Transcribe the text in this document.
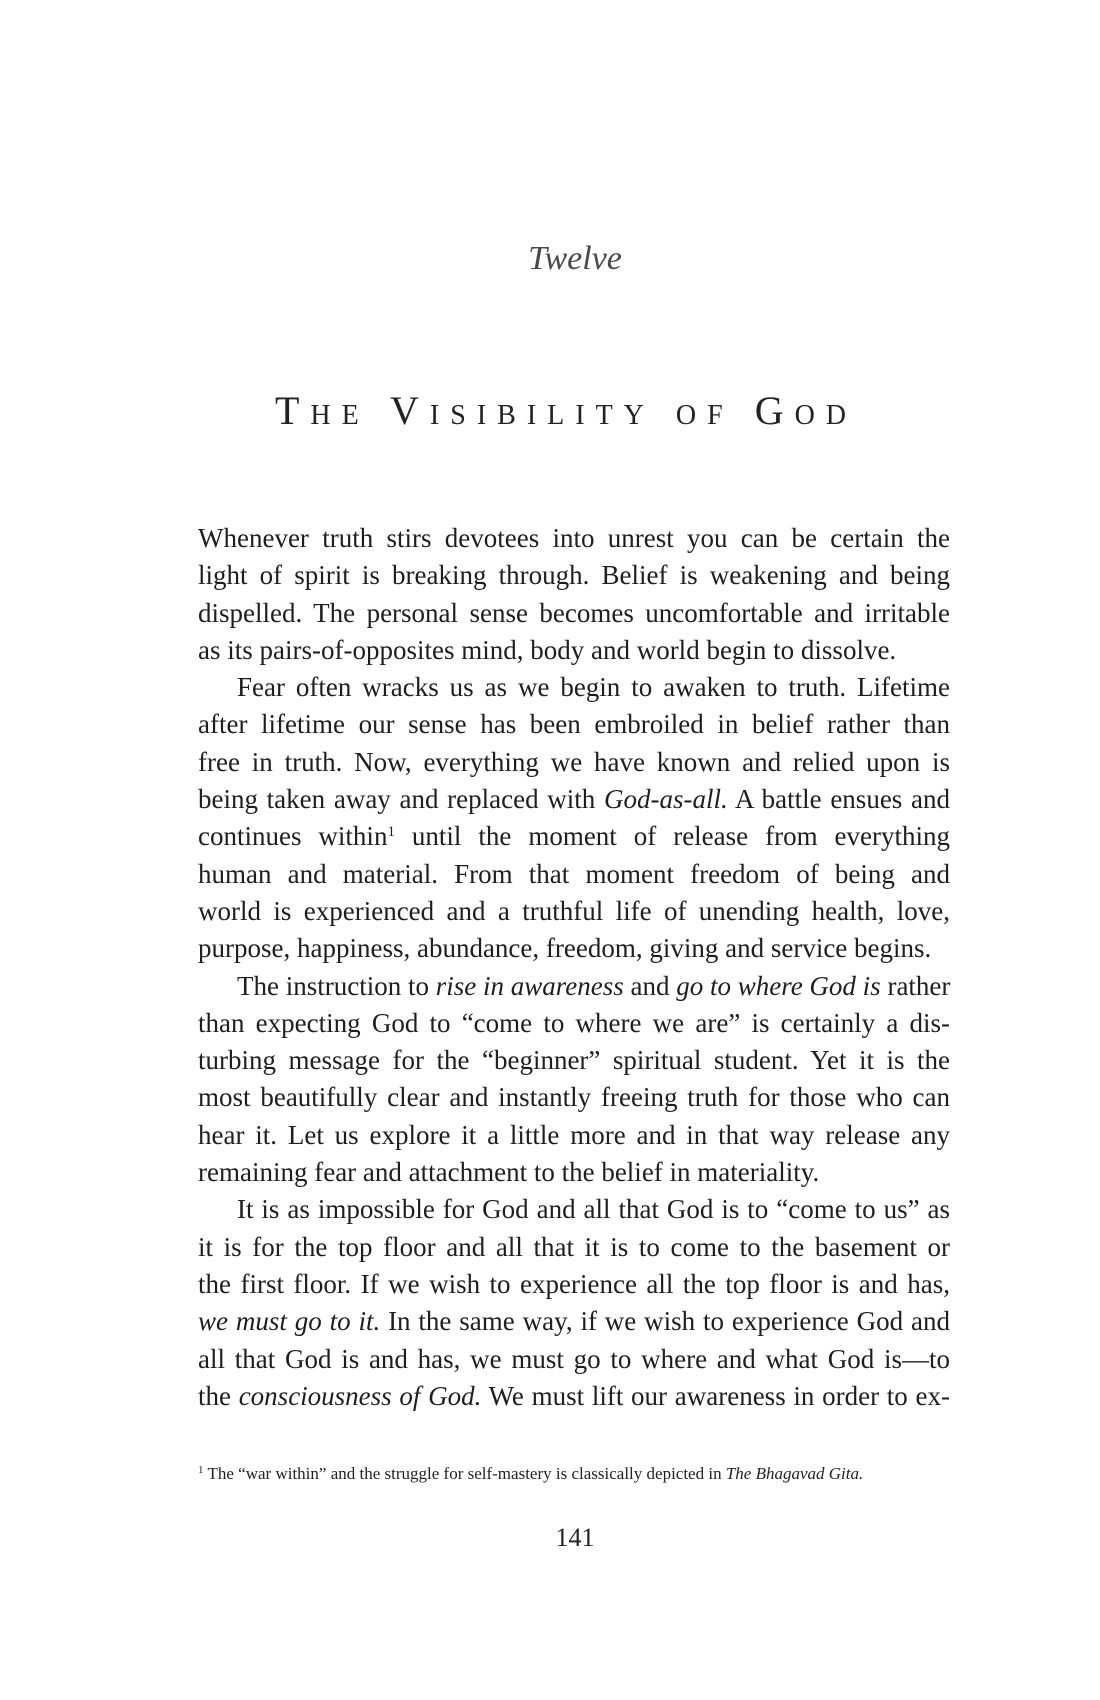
Twelve
The Visibility of God
Whenever truth stirs devotees into unrest you can be certain the
light of spirit is breaking through. Belief is weakening and being
dispelled. The personal sense becomes uncomfortable and irritable
as its pairs-of-opposites mind, body and world begin to dissolve.
Fear often wracks us as we begin to awaken to truth. Lifetime
after lifetime our sense has been embroiled in belief rather than
free in truth. Now, everything we have known and relied upon is
being taken away and replaced with God-as-all. A battle ensues and
continues within$^1$ until the moment of release from everything
human and material. From that moment freedom of being and
world is experienced and a truthful life of unending health, love,
purpose, happiness, abundance, freedom, giving and service begins.
The instruction to rise in awareness and go to where God is rather
than expecting God to “come to where we are” is certainly a dis-
turbing message for the “beginner” spiritual student. Yet it is the
most beautifully clear and instantly freeing truth for those who can
hear it. Let us explore it a little more and in that way release any
remaining fear and attachment to the belief in materiality.
It is as impossible for God and all that God is to “come to us” as
it is for the top floor and all that it is to come to the basement or
the first floor. If we wish to experience all the top floor is and has,
we must go to it. In the same way, if we wish to experience God and
all that God is and has, we must go to where and what God is—to
the consciousness of God. We must lift our awareness in order to ex-
$^1$ The “war within” and the struggle for self-mastery is classically depicted in The Bhagavad Gita.
141
